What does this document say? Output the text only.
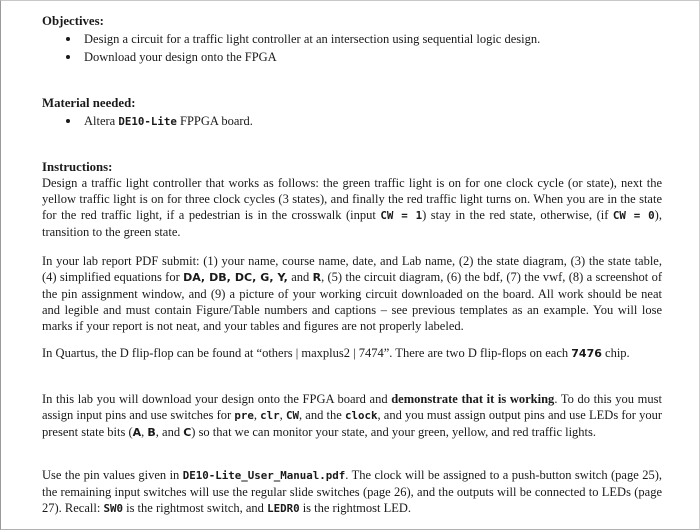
Objectives:
Design a circuit for a traffic light controller at an intersection using sequential logic design.
Download your design onto the FPGA
Material needed:
Altera DE10-Lite FPPGA board.
Instructions:

Design a traffic light controller that works as follows: the green traffic light is on for one clock cycle (or state), next the yellow traffic light is on for three clock cycles (3 states), and finally the red traffic light turns on. When you are in the state for the red traffic light, if a pedestrian is in the crosswalk (input CW = 1) stay in the red state, otherwise, (if CW = 0), transition to the green state.

In your lab report PDF submit: (1) your name, course name, date, and Lab name, (2) the state diagram, (3) the state table, (4) simplified equations for DA, DB, DC, G, Y, and R, (5) the circuit diagram, (6) the bdf, (7) the vwf, (8) a screenshot of the pin assignment window, and (9) a picture of your working circuit downloaded on the board. All work should be neat and legible and must contain Figure/Table numbers and captions – see previous templates as an example. You will lose marks if your report is not neat, and your tables and figures are not properly labeled.

In Quartus, the D flip-flop can be found at “others | maxplus2 | 7474”. There are two D flip-flops on each 7476 chip.

In this lab you will download your design onto the FPGA board and demonstrate that it is working. To do this you must assign input pins and use switches for pre, clr, CW, and the clock, and you must assign output pins and use LEDs for your present state bits (A, B, and C) so that we can monitor your state, and your green, yellow, and red traffic lights.

Use the pin values given in DE10-Lite_User_Manual.pdf. The clock will be assigned to a push-button switch (page 25), the remaining input switches will use the regular slide switches (page 26), and the outputs will be connected to LEDs (page 27). Recall: SW0 is the rightmost switch, and LEDR0 is the rightmost LED.
